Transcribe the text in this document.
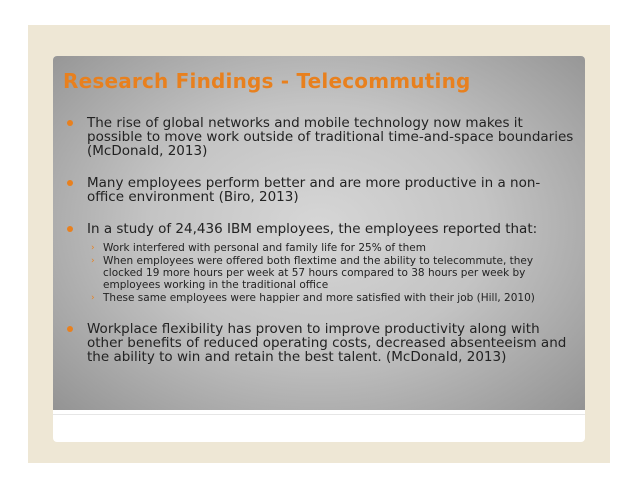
Research Findings - Telecommuting
The rise of global networks and mobile technology now makes it possible to move work outside of traditional time-and-space boundaries (McDonald, 2013)
Many employees perform better and are more productive in a non-office environment (Biro, 2013)
In a study of 24,436 IBM employees, the employees reported that:
› Work interfered with personal and family life for 25% of them
› When employees were offered both flextime and the ability to telecommute, they clocked 19 more hours per week at 57 hours compared to 38 hours per week by employees working in the traditional office
› These same employees were happier and more satisfied with their job (Hill, 2010)
Workplace flexibility has proven to improve productivity along with other benefits of reduced operating costs, decreased absenteeism and the ability to win and retain the best talent. (McDonald, 2013)
